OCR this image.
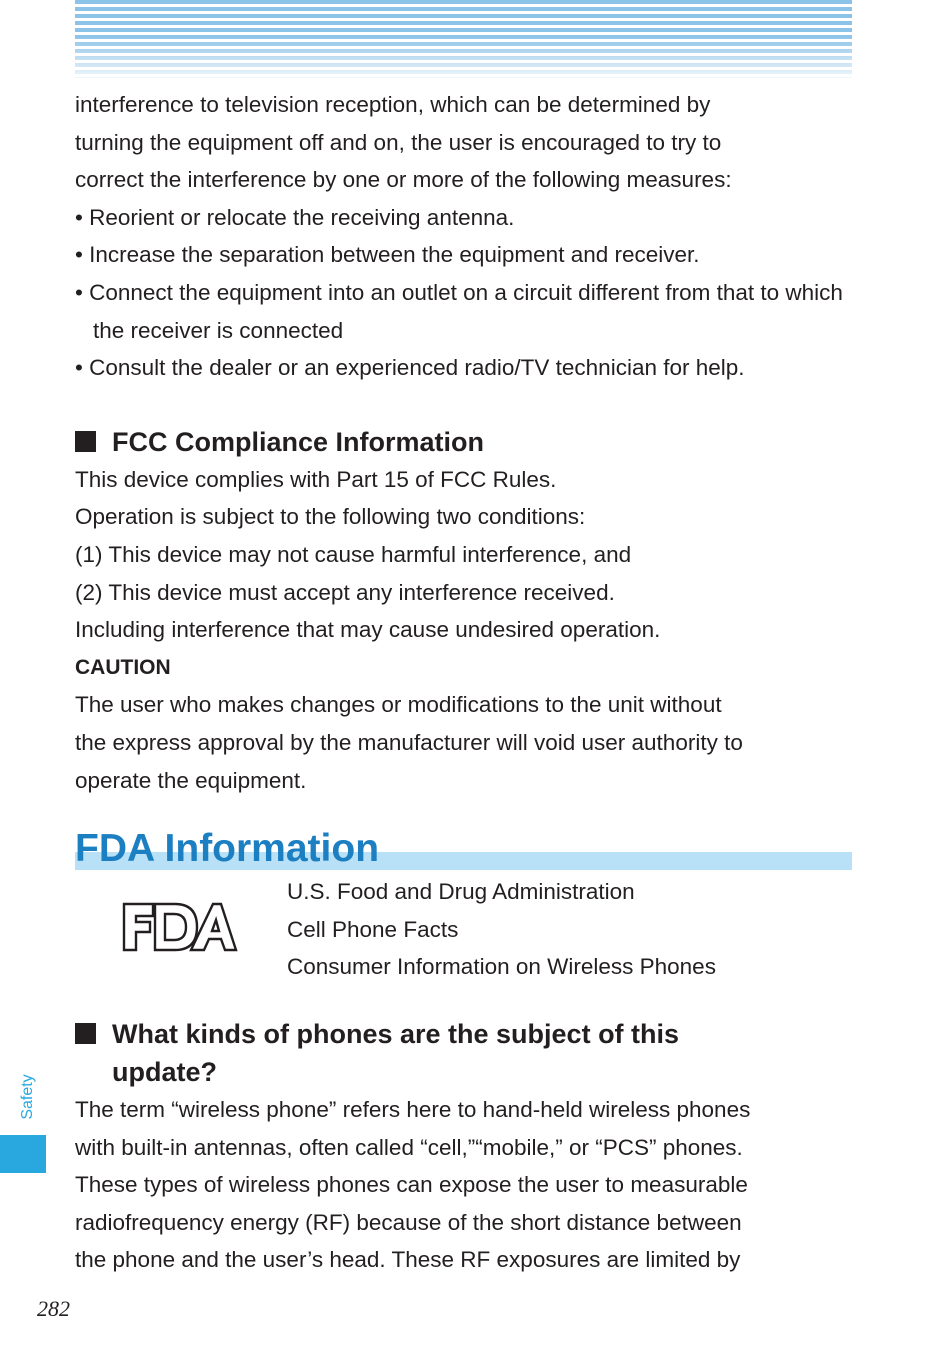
interference to television reception, which can be determined by

turning the equipment off and on, the user is encouraged to try to

correct the interference by one or more of the following measures:

• Reorient or relocate the receiving antenna.

• Increase the separation between the equipment and receiver.

• Connect the equipment into an outlet on a circuit different from that to which the receiver is connected

• Consult the dealer or an experienced radio/TV technician for help.

FCC Compliance Information

This device complies with Part 15 of FCC Rules.

Operation is subject to the following two conditions:

(1) This device may not cause harmful interference, and

(2) This device must accept any interference received.

Including interference that may cause undesired operation.

CAUTION

The user who makes changes or modifications to the unit without

the express approval by the manufacturer will void user authority to

operate the equipment.

FDA Information

U.S. Food and Drug Administration

Cell Phone Facts

Consumer Information on Wireless Phones

What kinds of phones are the subject of this
update?

The term “wireless phone” refers here to hand-held wireless phones

with built-in antennas, often called “cell,”“mobile,” or “PCS” phones.

These types of wireless phones can expose the user to measurable

radiofrequency energy (RF) because of the short distance between

the phone and the user’s head. These RF exposures are limited by

Safety
282
